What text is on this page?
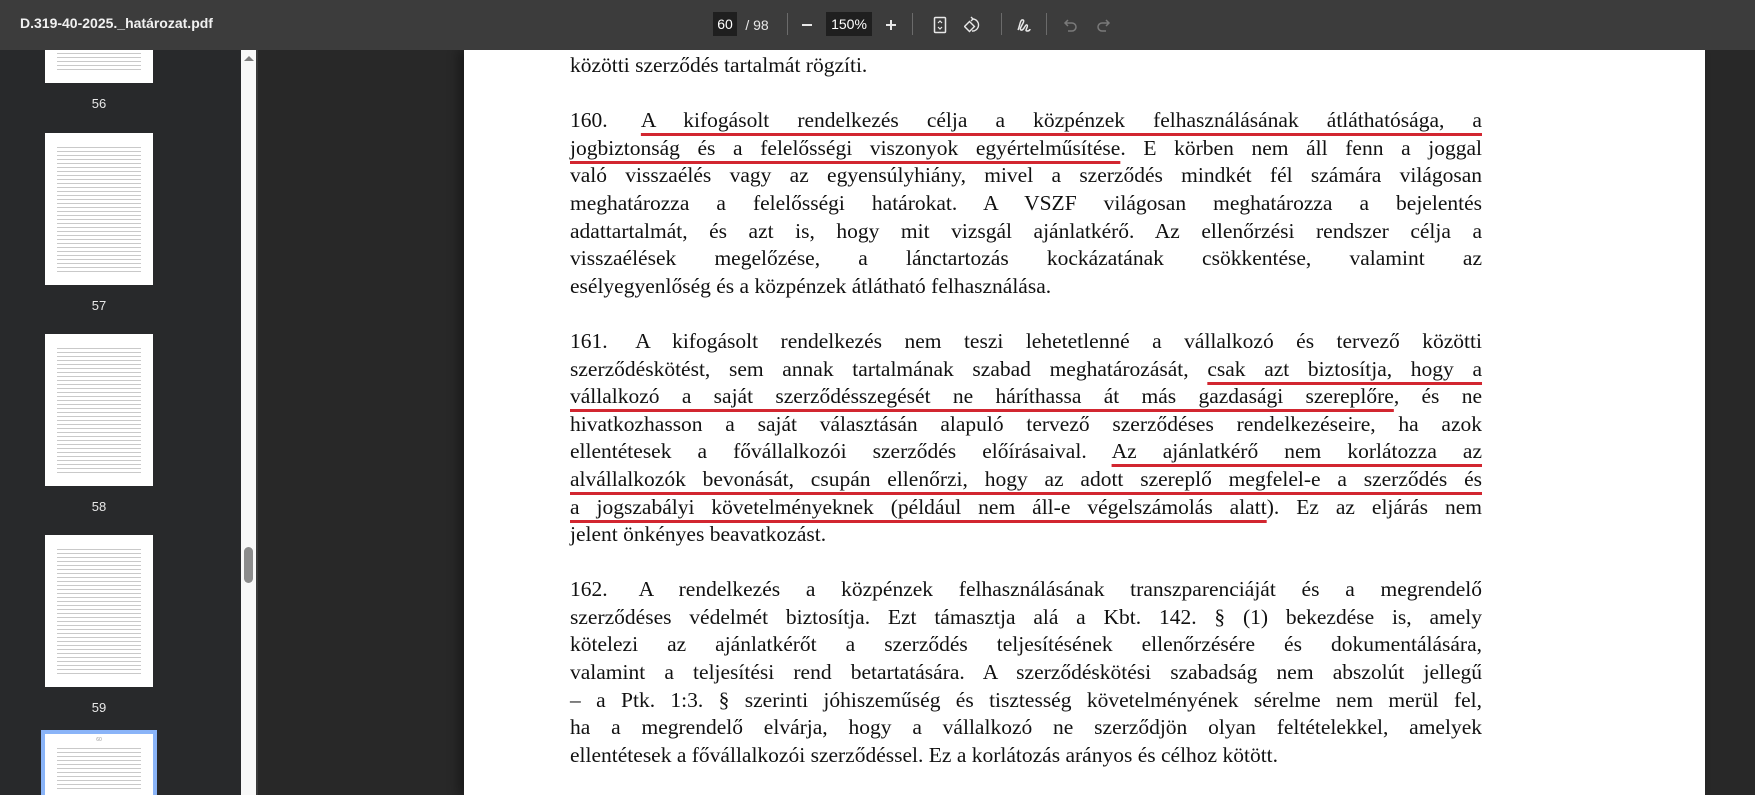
D.319-40-2025._határozat.pdf	60 / 98	150%
56
57
58
59
60
közötti szerződés tartalmát rögzíti.
160. A kifogásolt rendelkezés célja a közpénzek felhasználásának átláthatósága, a
jogbiztonság és a felelősségi viszonyok egyértelműsítése. E körben nem áll fenn a joggal
való visszaélés vagy az egyensúlyhiány, mivel a szerződés mindkét fél számára világosan
meghatározza a felelősségi határokat. A VSZF világosan meghatározza a bejelentés
adattartalmát, és azt is, hogy mit vizsgál ajánlatkérő. Az ellenőrzési rendszer célja a
visszaélések megelőzése, a lánctartozás kockázatának csökkentése, valamint az
esélyegyenlőség és a közpénzek átlátható felhasználása.
161. A kifogásolt rendelkezés nem teszi lehetetlenné a vállalkozó és tervező közötti
szerződéskötést, sem annak tartalmának szabad meghatározását, csak azt biztosítja, hogy a
vállalkozó a saját szerződésszegését ne háríthassa át más gazdasági szereplőre, és ne
hivatkozhasson a saját választásán alapuló tervező szerződéses rendelkezéseire, ha azok
ellentétesek a fővállalkozói szerződés előírásaival. Az ajánlatkérő nem korlátozza az
alvállalkozók bevonását, csupán ellenőrzi, hogy az adott szereplő megfelel-e a szerződés és
a jogszabályi követelményeknek (például nem áll-e végelszámolás alatt). Ez az eljárás nem
jelent önkényes beavatkozást.
162. A rendelkezés a közpénzek felhasználásának transzparenciáját és a megrendelő
szerződéses védelmét biztosítja. Ezt támasztja alá a Kbt. 142. § (1) bekezdése is, amely
kötelezi az ajánlatkérőt a szerződés teljesítésének ellenőrzésére és dokumentálására,
valamint a teljesítési rend betartatására. A szerződéskötési szabadság nem abszolút jellegű
– a Ptk. 1:3. § szerinti jóhiszeműség és tisztesség követelményének sérelme nem merül fel,
ha a megrendelő elvárja, hogy a vállalkozó ne szerződjön olyan feltételekkel, amelyek
ellentétesek a fővállalkozói szerződéssel. Ez a korlátozás arányos és célhoz kötött.
